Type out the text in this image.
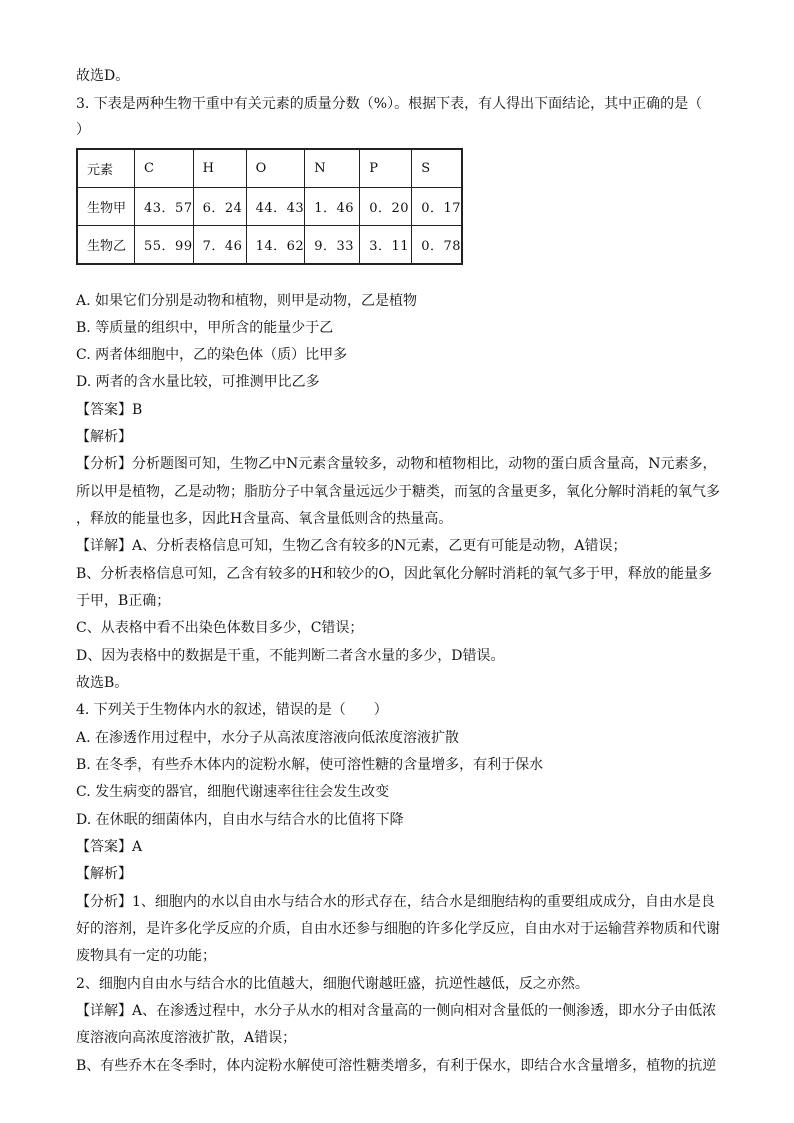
故选D。
3. 下表是两种生物干重中有关元素的质量分数（%）。根据下表，有人得出下面结论，其中正确的是（
）
元素	C	H	O	N	P	S
生物甲	43．57	6．24	44．43	1．46	0．20	0．17
生物乙	55．99	7．46	14．62	9．33	3．11	0．78
A. 如果它们分别是动物和植物，则甲是动物，乙是植物
B. 等质量的组织中，甲所含的能量少于乙
C. 两者体细胞中，乙的染色体（质）比甲多
D. 两者的含水量比较，可推测甲比乙多
【答案】B
【解析】
【分析】分析题图可知，生物乙中N元素含量较多，动物和植物相比，动物的蛋白质含量高，N元素多，
所以甲是植物，乙是动物；脂肪分子中氧含量远远少于糖类，而氢的含量更多，氧化分解时消耗的氧气多
，释放的能量也多，因此H含量高、氧含量低则含的热量高。
【详解】A、分析表格信息可知，生物乙含有较多的N元素，乙更有可能是动物，A错误；
B、分析表格信息可知，乙含有较多的H和较少的O，因此氧化分解时消耗的氧气多于甲，释放的能量多
于甲，B正确；
C、从表格中看不出染色体数目多少，C错误；
D、因为表格中的数据是干重，不能判断二者含水量的多少，D错误。
故选B。
4. 下列关于生物体内水的叙述，错误的是（　　）
A. 在渗透作用过程中，水分子从高浓度溶液向低浓度溶液扩散
B. 在冬季，有些乔木体内的淀粉水解，使可溶性糖的含量增多，有利于保水
C. 发生病变的器官，细胞代谢速率往往会发生改变
D. 在休眠的细菌体内，自由水与结合水的比值将下降
【答案】A
【解析】
【分析】1、细胞内的水以自由水与结合水的形式存在，结合水是细胞结构的重要组成成分，自由水是良
好的溶剂，是许多化学反应的介质，自由水还参与细胞的许多化学反应，自由水对于运输营养物质和代谢
废物具有一定的功能；
2、细胞内自由水与结合水的比值越大，细胞代谢越旺盛，抗逆性越低，反之亦然。
【详解】A、在渗透过程中，水分子从水的相对含量高的一侧向相对含量低的一侧渗透，即水分子由低浓
度溶液向高浓度溶液扩散，A错误；
B、有些乔木在冬季时，体内淀粉水解使可溶性糖类增多，有利于保水，即结合水含量增多，植物的抗逆
